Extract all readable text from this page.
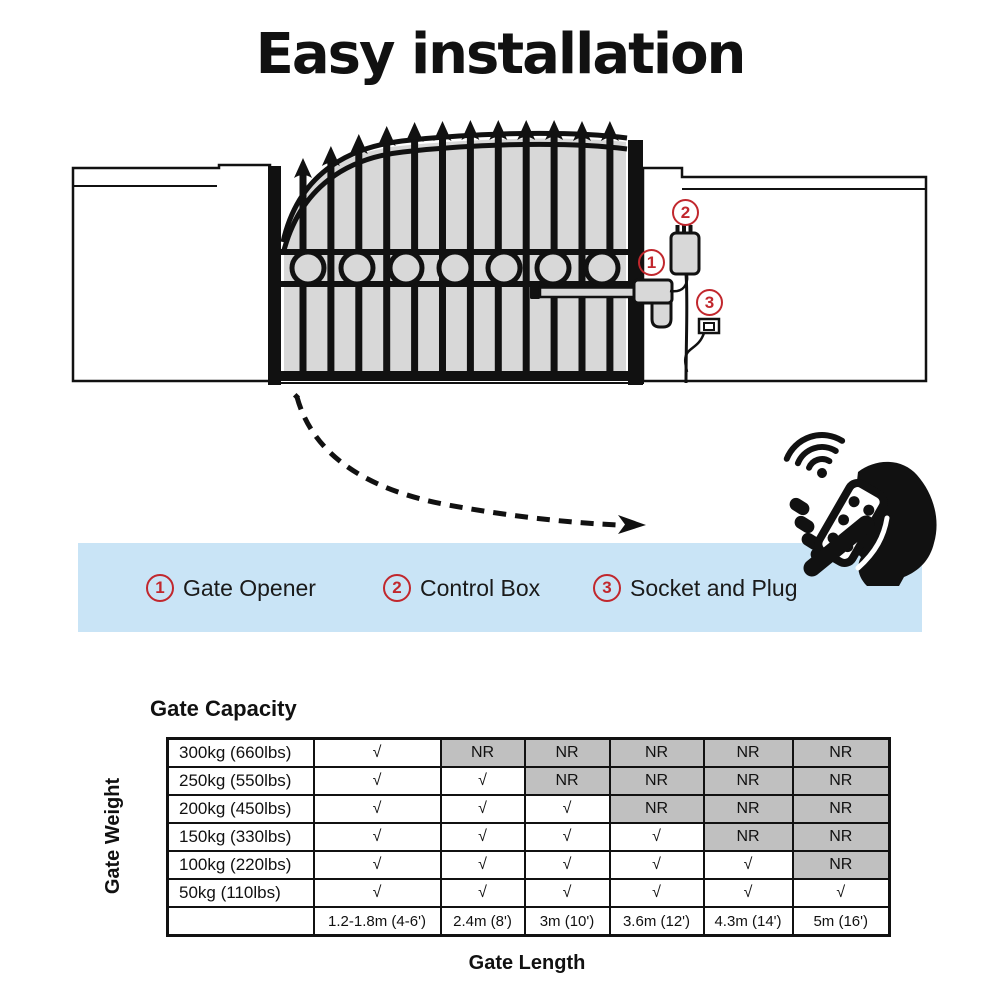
Easy installation
1 Gate Opener	2 Control Box	3 Socket and Plug
1
2
3
Gate Capacity
Gate Weight
300kg (660lbs)	√	NR	NR	NR	NR	NR
250kg (550lbs)	√	√	NR	NR	NR	NR
200kg (450lbs)	√	√	√	NR	NR	NR
150kg (330lbs)	√	√	√	√	NR	NR
100kg (220lbs)	√	√	√	√	√	NR
50kg (110lbs)	√	√	√	√	√	√
	1.2-1.8m (4-6')	2.4m (8')	3m (10')	3.6m (12')	4.3m (14')	5m (16')
Gate Length
